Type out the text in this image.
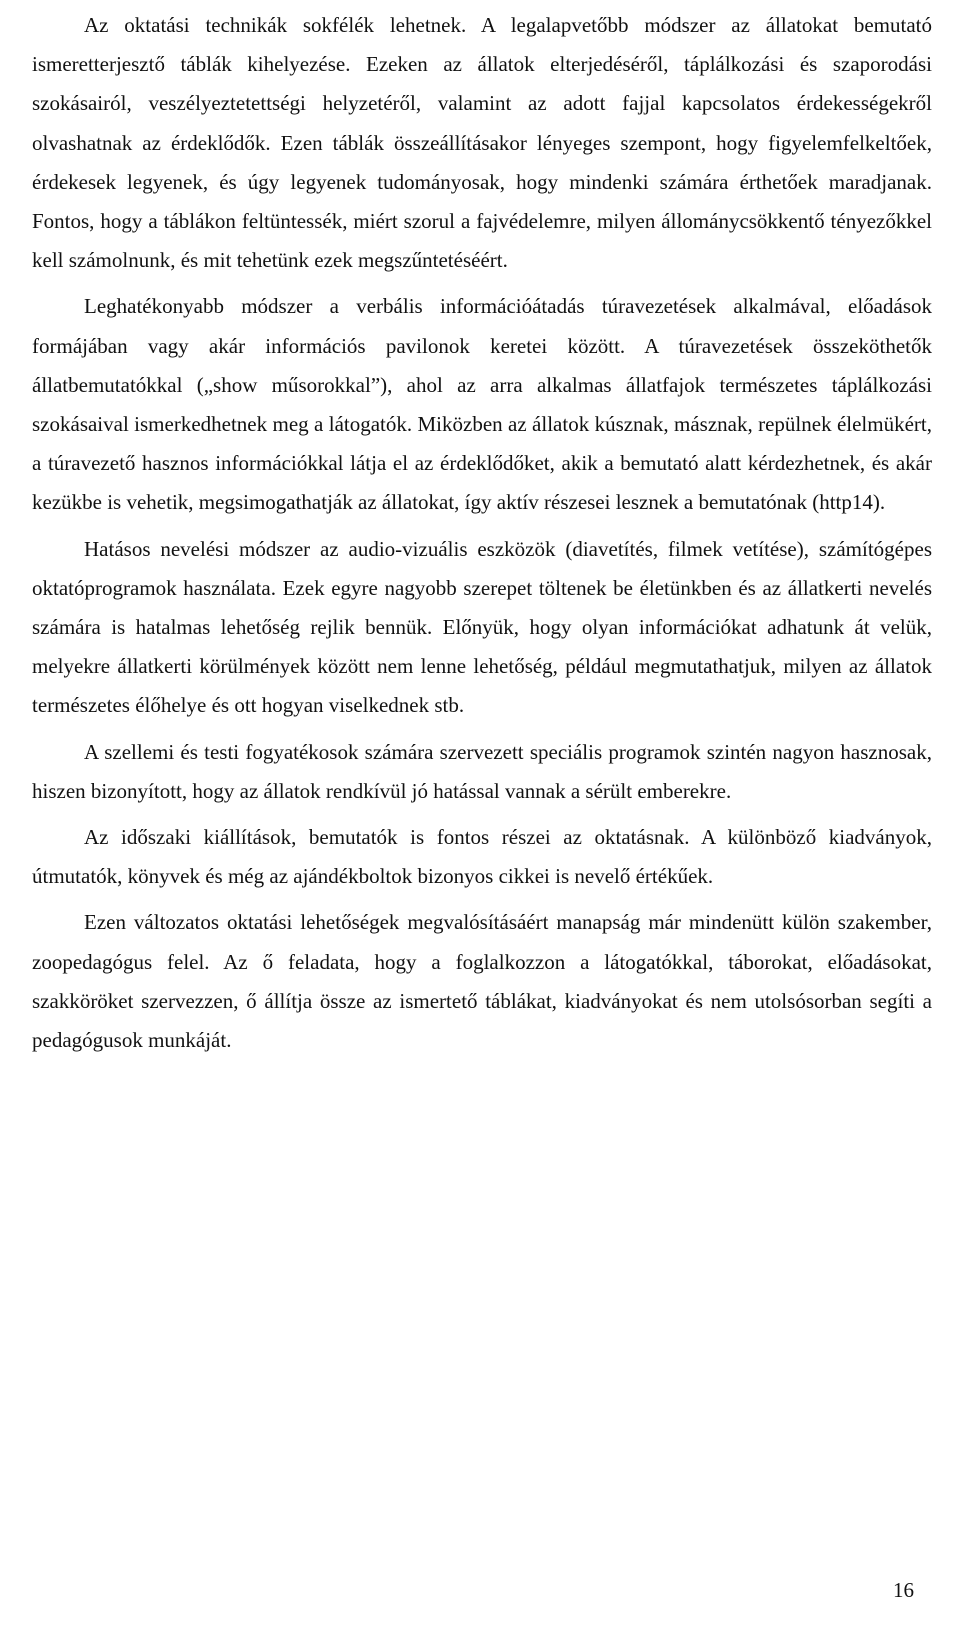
Az oktatási technikák sokfélék lehetnek. A legalapvetőbb módszer az állatokat bemutató ismeretterjesztő táblák kihelyezése. Ezeken az állatok elterjedéséről, táplálkozási és szaporodási szokásairól, veszélyeztetettségi helyzetéről, valamint az adott fajjal kapcsolatos érdekességekről olvashatnak az érdeklődők. Ezen táblák összeállításakor lényeges szempont, hogy figyelemfelkeltőek, érdekesek legyenek, és úgy legyenek tudományosak, hogy mindenki számára érthetőek maradjanak. Fontos, hogy a táblákon feltüntessék, miért szorul a fajvédelemre, milyen állománycsökkentő tényezőkkel kell számolnunk, és mit tehetünk ezek megszűntetéséért.

Leghatékonyabb módszer a verbális információátadás túravezetések alkalmával, előadások formájában vagy akár információs pavilonok keretei között. A túravezetések összeköthetők állatbemutatókkal („show műsorokkal”), ahol az arra alkalmas állatfajok természetes táplálkozási szokásaival ismerkedhetnek meg a látogatók. Miközben az állatok kúsznak, másznak, repülnek élelmükért, a túravezető hasznos információkkal látja el az érdeklődőket, akik a bemutató alatt kérdezhetnek, és akár kezükbe is vehetik, megsimogathatják az állatokat, így aktív részesei lesznek a bemutatónak (http14).

Hatásos nevelési módszer az audio-vizuális eszközök (diavetítés, filmek vetítése), számítógépes oktatóprogramok használata. Ezek egyre nagyobb szerepet töltenek be életünkben és az állatkerti nevelés számára is hatalmas lehetőség rejlik bennük. Előnyük, hogy olyan információkat adhatunk át velük, melyekre állatkerti körülmények között nem lenne lehetőség, például megmutathatjuk, milyen az állatok természetes élőhelye és ott hogyan viselkednek stb.

A szellemi és testi fogyatékosok számára szervezett speciális programok szintén nagyon hasznosak, hiszen bizonyított, hogy az állatok rendkívül jó hatással vannak a sérült emberekre.

Az időszaki kiállítások, bemutatók is fontos részei az oktatásnak. A különböző kiadványok, útmutatók, könyvek és még az ajándékboltok bizonyos cikkei is nevelő értékűek.

Ezen változatos oktatási lehetőségek megvalósításáért manapság már mindenütt külön szakember, zoopedagógus felel. Az ő feladata, hogy a foglalkozzon a látogatókkal, táborokat, előadásokat, szakköröket szervezzen, ő állítja össze az ismertető táblákat, kiadványokat és nem utolsósorban segíti a pedagógusok munkáját.

16
